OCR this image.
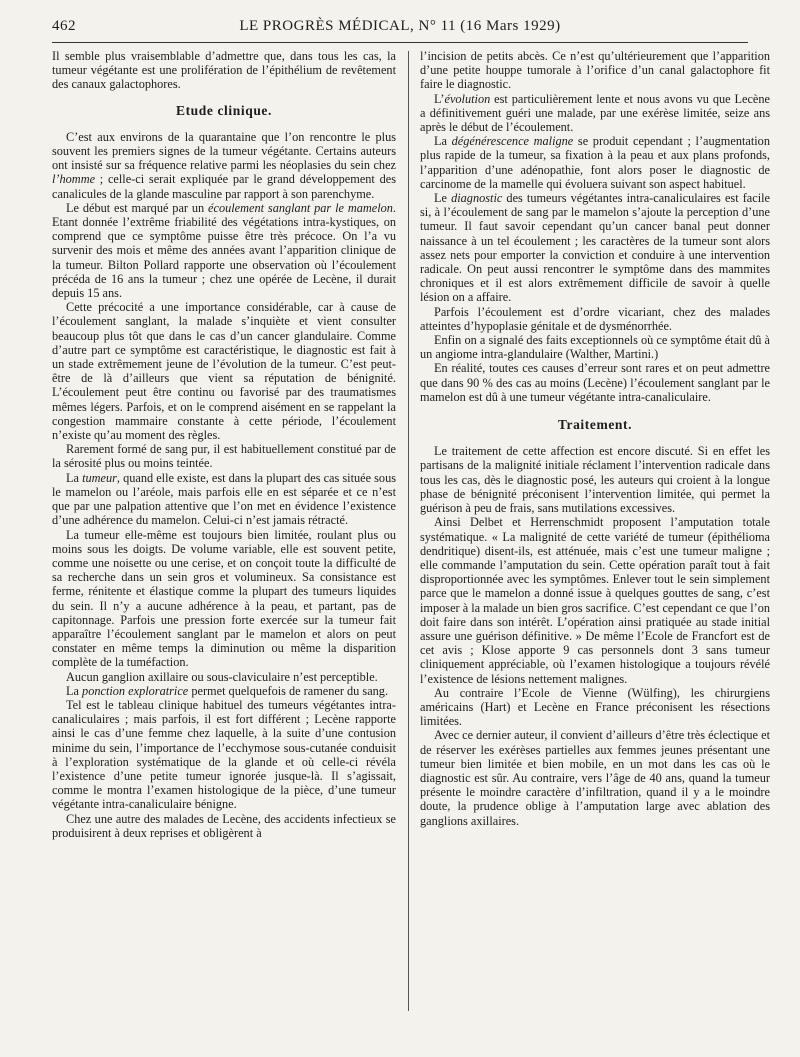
462	LE PROGRÈS MÉDICAL, N° 11 (16 Mars 1929)

Il semble plus vraisemblable d’admettre que, dans tous les cas, la tumeur végétante est une prolifération de l’épithélium de revêtement des canaux galactophores.

Etude clinique.

C’est aux environs de la quarantaine que l’on rencontre le plus souvent les premiers signes de la tumeur végétante. Certains auteurs ont insisté sur sa fréquence relative parmi les néoplasies du sein chez l’homme ; celle-ci serait expliquée par le grand développement des canalicules de la glande masculine par rapport à son parenchyme.

Le début est marqué par un écoulement sanglant par le mamelon. Etant donnée l’extrême friabilité des végétations intra-kystiques, on comprend que ce symptôme puisse être très précoce. On l’a vu survenir des mois et même des années avant l’apparition clinique de la tumeur. Bilton Pollard rapporte une observation où l’écoulement précéda de 16 ans la tumeur ; chez une opérée de Lecène, il durait depuis 15 ans.

Cette précocité a une importance considérable, car à cause de l’écoulement sanglant, la malade s’inquiète et vient consulter beaucoup plus tôt que dans le cas d’un cancer glandulaire. Comme d’autre part ce symptôme est caractéristique, le diagnostic est fait à un stade extrêmement jeune de l’évolution de la tumeur. C’est peut-être de là d’ailleurs que vient sa réputation de bénignité. L’écoulement peut être continu ou favorisé par des traumatismes mêmes légers. Parfois, et on le comprend aisément en se rappelant la congestion mammaire constante à cette période, l’écoulement n’existe qu’au moment des règles.

Rarement formé de sang pur, il est habituellement constitué par de la sérosité plus ou moins teintée.

La tumeur, quand elle existe, est dans la plupart des cas située sous le mamelon ou l’aréole, mais parfois elle en est séparée et ce n’est que par une palpation attentive que l’on met en évidence l’existence d’une adhérence du mamelon. Celui-ci n’est jamais rétracté.

La tumeur elle-même est toujours bien limitée, roulant plus ou moins sous les doigts. De volume variable, elle est souvent petite, comme une noisette ou une cerise, et on conçoit toute la difficulté de sa recherche dans un sein gros et volumineux. Sa consistance est ferme, rénitente et élastique comme la plupart des tumeurs liquides du sein. Il n’y a aucune adhérence à la peau, et partant, pas de capitonnage. Parfois une pression forte exercée sur la tumeur fait apparaître l’écoulement sanglant par le mamelon et alors on peut constater en même temps la diminution ou même la disparition complète de la tuméfaction.

Aucun ganglion axillaire ou sous-claviculaire n’est perceptible.

La ponction exploratrice permet quelquefois de ramener du sang.

Tel est le tableau clinique habituel des tumeurs végétantes intra-canaliculaires ; mais parfois, il est fort différent ; Lecène rapporte ainsi le cas d’une femme chez laquelle, à la suite d’une contusion minime du sein, l’importance de l’ecchymose sous-cutanée conduisit à l’exploration systématique de la glande et où celle-ci révéla l’existence d’une petite tumeur ignorée jusque-là. Il s’agissait, comme le montra l’examen histologique de la pièce, d’une tumeur végétante intra-canaliculaire bénigne.

Chez une autre des malades de Lecène, des accidents infectieux se produisirent à deux reprises et obligèrent à

l’incision de petits abcès. Ce n’est qu’ultérieurement que l’apparition d’une petite houppe tumorale à l’orifice d’un canal galactophore fit faire le diagnostic.

L’évolution est particulièrement lente et nous avons vu que Lecène a définitivement guéri une malade, par une exérèse limitée, seize ans après le début de l’écoulement.

La dégénérescence maligne se produit cependant ; l’augmentation plus rapide de la tumeur, sa fixation à la peau et aux plans profonds, l’apparition d’une adénopathie, font alors poser le diagnostic de carcinome de la mamelle qui évoluera suivant son aspect habituel.

Le diagnostic des tumeurs végétantes intra-canaliculaires est facile si, à l’écoulement de sang par le mamelon s’ajoute la perception d’une tumeur. Il faut savoir cependant qu’un cancer banal peut donner naissance à un tel écoulement ; les caractères de la tumeur sont alors assez nets pour emporter la conviction et conduire à une intervention radicale. On peut aussi rencontrer le symptôme dans des mammites chroniques et il est alors extrêmement difficile de savoir à quelle lésion on a affaire.

Parfois l’écoulement est d’ordre vicariant, chez des malades atteintes d’hypoplasie génitale et de dysménorrhée.

Enfin on a signalé des faits exceptionnels où ce symptôme était dû à un angiome intra-glandulaire (Walther, Martini.)

En réalité, toutes ces causes d’erreur sont rares et on peut admettre que dans 90 % des cas au moins (Lecène) l’écoulement sanglant par le mamelon est dû à une tumeur végétante intra-canaliculaire.

Traitement.

Le traitement de cette affection est encore discuté. Si en effet les partisans de la malignité initiale réclament l’intervention radicale dans tous les cas, dès le diagnostic posé, les auteurs qui croient à la longue phase de bénignité préconisent l’intervention limitée, qui permet la guérison à peu de frais, sans mutilations excessives.

Ainsi Delbet et Herrenschmidt proposent l’amputation totale systématique. « La malignité de cette variété de tumeur (épithélioma dendritique) disent-ils, est atténuée, mais c’est une tumeur maligne ; elle commande l’amputation du sein. Cette opération paraît tout à fait disproportionnée avec les symptômes. Enlever tout le sein simplement parce que le mamelon a donné issue à quelques gouttes de sang, c’est imposer à la malade un bien gros sacrifice. C’est cependant ce que l’on doit faire dans son intérêt. L’opération ainsi pratiquée au stade initial assure une guérison définitive. » De même l’Ecole de Francfort est de cet avis ; Klose apporte 9 cas personnels dont 3 sans tumeur cliniquement appréciable, où l’examen histologique a toujours révélé l’existence de lésions nettement malignes.

Au contraire l’Ecole de Vienne (Wülfing), les chirurgiens américains (Hart) et Lecène en France préconisent les résections limitées.

Avec ce dernier auteur, il convient d’ailleurs d’être très éclectique et de réserver les exérèses partielles aux femmes jeunes présentant une tumeur bien limitée et bien mobile, en un mot dans les cas où le diagnostic est sûr. Au contraire, vers l’âge de 40 ans, quand la tumeur présente le moindre caractère d’infiltration, quand il y a le moindre doute, la prudence oblige à l’amputation large avec ablation des ganglions axillaires.
